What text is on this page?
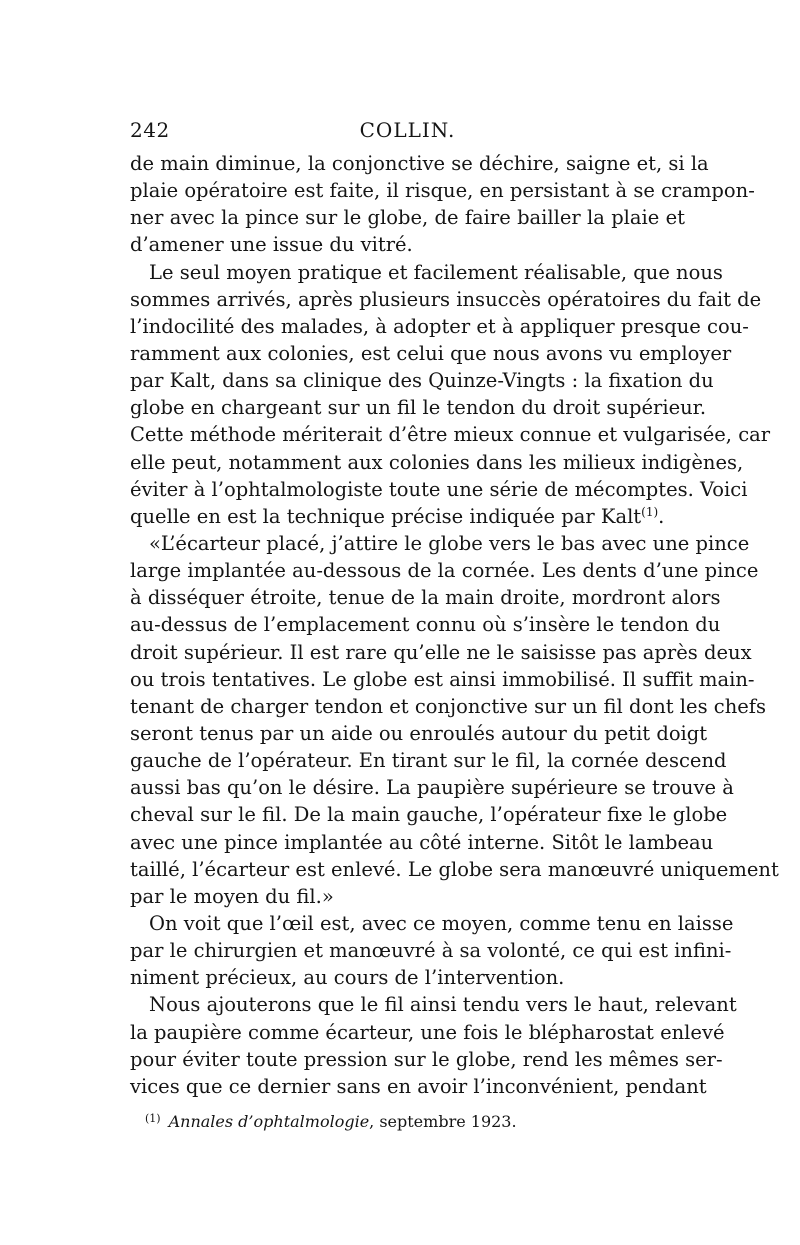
242	COLLIN.
de main diminue, la conjonctive se déchire, saigne et, si la
plaie opératoire est faite, il risque, en persistant à se crampon-
ner avec la pince sur le globe, de faire bailler la plaie et
d’amener une issue du vitré.
Le seul moyen pratique et facilement réalisable, que nous
sommes arrivés, après plusieurs insuccès opératoires du fait de
l’indocilité des malades, à adopter et à appliquer presque cou-
ramment aux colonies, est celui que nous avons vu employer
par Kalt, dans sa clinique des Quinze-Vingts : la fixation du
globe en chargeant sur un fil le tendon du droit supérieur.
Cette méthode mériterait d’être mieux connue et vulgarisée, car
elle peut, notamment aux colonies dans les milieux indigènes,
éviter à l’ophtalmologiste toute une série de mécomptes. Voici
quelle en est la technique précise indiquée par Kalt$^{(1)}$.
«L’écarteur placé, j’attire le globe vers le bas avec une pince
large implantée au-dessous de la cornée. Les dents d’une pince
à disséquer étroite, tenue de la main droite, mordront alors
au-dessus de l’emplacement connu où s’insère le tendon du
droit supérieur. Il est rare qu’elle ne le saisisse pas après deux
ou trois tentatives. Le globe est ainsi immobilisé. Il suffit main-
tenant de charger tendon et conjonctive sur un fil dont les chefs
seront tenus par un aide ou enroulés autour du petit doigt
gauche de l’opérateur. En tirant sur le fil, la cornée descend
aussi bas qu’on le désire. La paupière supérieure se trouve à
cheval sur le fil. De la main gauche, l’opérateur fixe le globe
avec une pince implantée au côté interne. Sitôt le lambeau
taillé, l’écarteur est enlevé. Le globe sera manœuvré uniquement
par le moyen du fil.»
On voit que l’œil est, avec ce moyen, comme tenu en laisse
par le chirurgien et manœuvré à sa volonté, ce qui est infini-
niment précieux, au cours de l’intervention.
Nous ajouterons que le fil ainsi tendu vers le haut, relevant
la paupière comme écarteur, une fois le blépharostat enlevé
pour éviter toute pression sur le globe, rend les mêmes ser-
vices que ce dernier sans en avoir l’inconvénient, pendant
$^{(1)}$ Annales d’ophtalmologie, septembre 1923.
